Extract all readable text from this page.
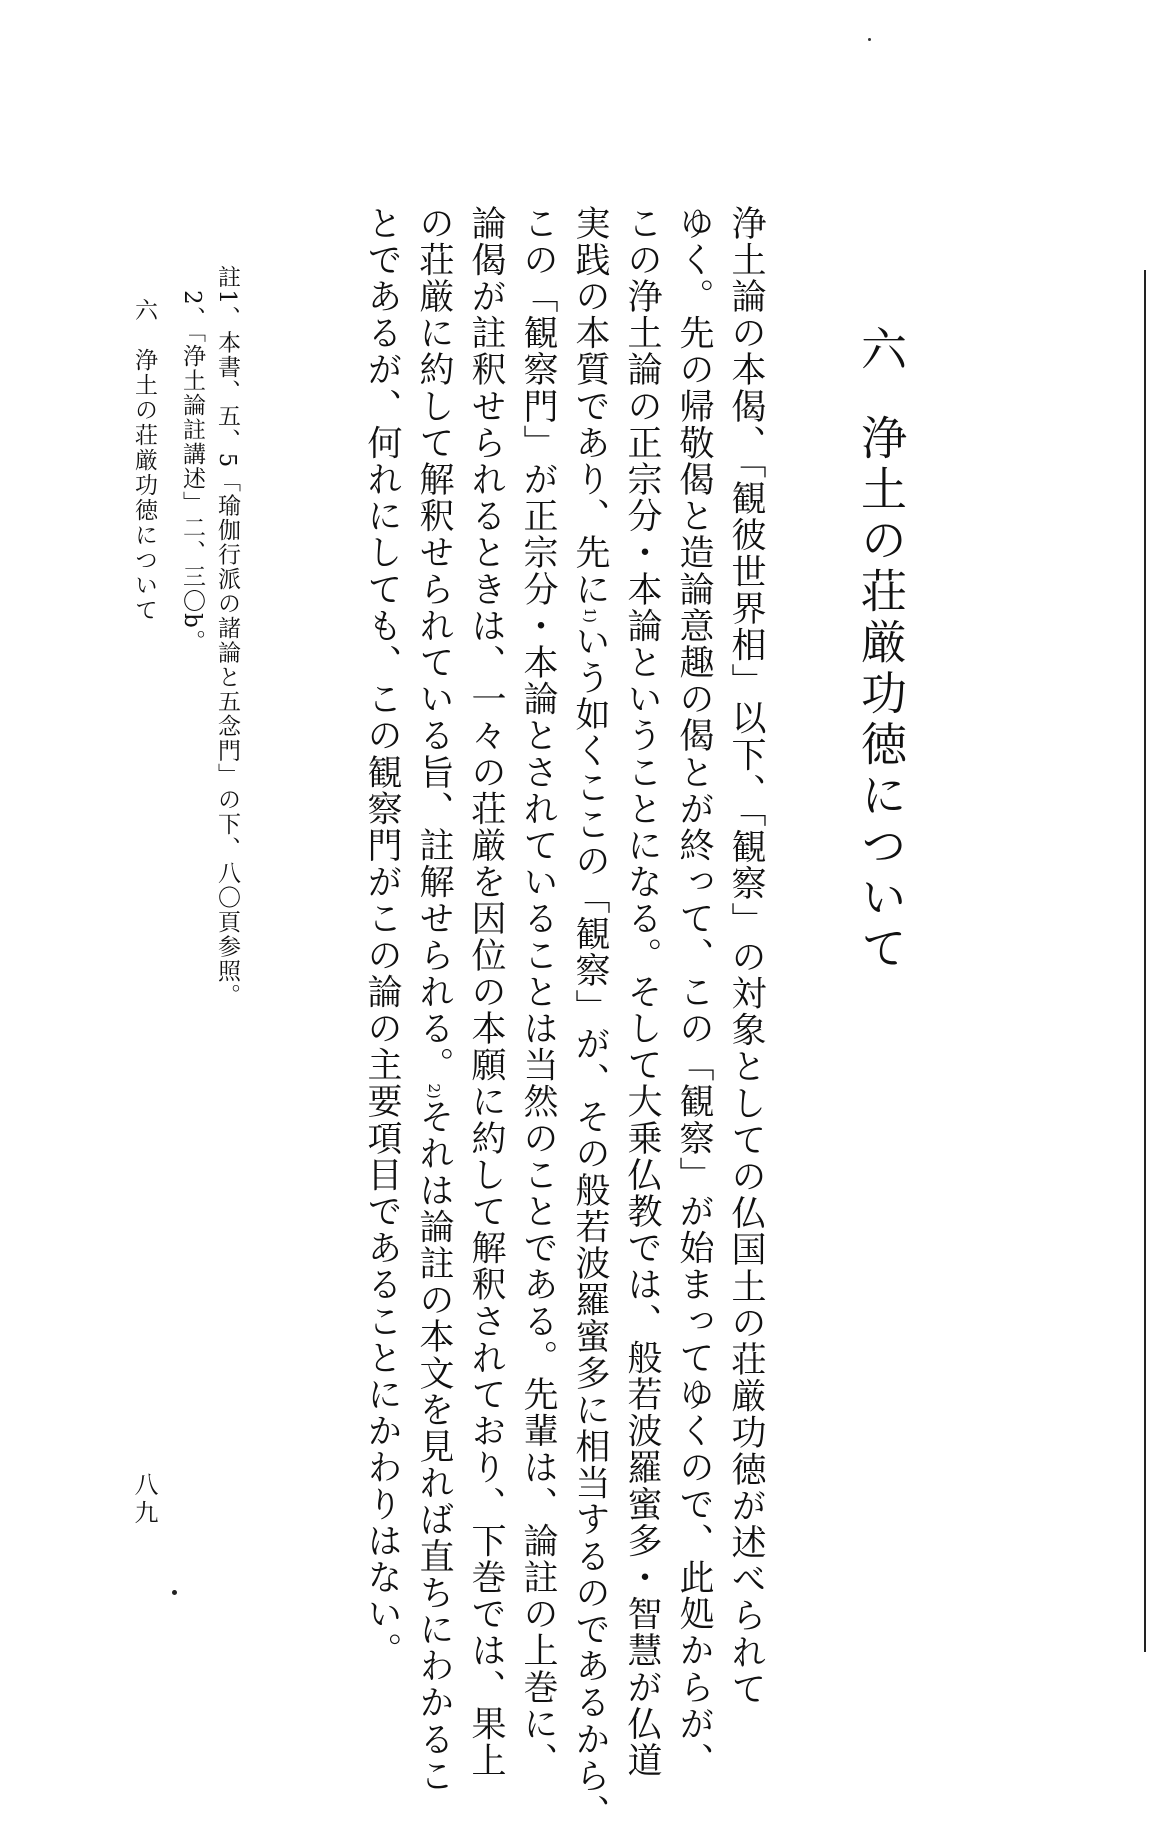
六浄土の荘厳功徳について
浄土論の本偈、「観彼世界相」以下、「観察」の対象としての仏国土の荘厳功徳が述べられて
ゆく。先の帰敬偈と造論意趣の偈とが終って、この「観察」が始まってゆくので、此処からが、
この浄土論の正宗分・本論ということになる。そして大乗仏教では、般若波羅蜜多・智慧が仏道
実践の本質であり、先に1)いう如くここの「観察」が、その般若波羅蜜多に相当するのであるから、
この「観察門」が正宗分・本論とされていることは当然のことである。先輩は、論註の上巻に、
論偈が註釈せられるときは、一々の荘厳を因位の本願に約して解釈されており、下巻では、果上
の荘厳に約して解釈せられている旨、註解せられる。2)それは論註の本文を見れば直ちにわかるこ
とであるが、何れにしても、この観察門がこの論の主要項目であることにかわりはない。
註1、本書、五、5「瑜伽行派の諸論と五念門」の下、八〇頁参照。
2、「浄土論註講述」二、三〇b。
六　浄土の荘厳功徳について
八九
